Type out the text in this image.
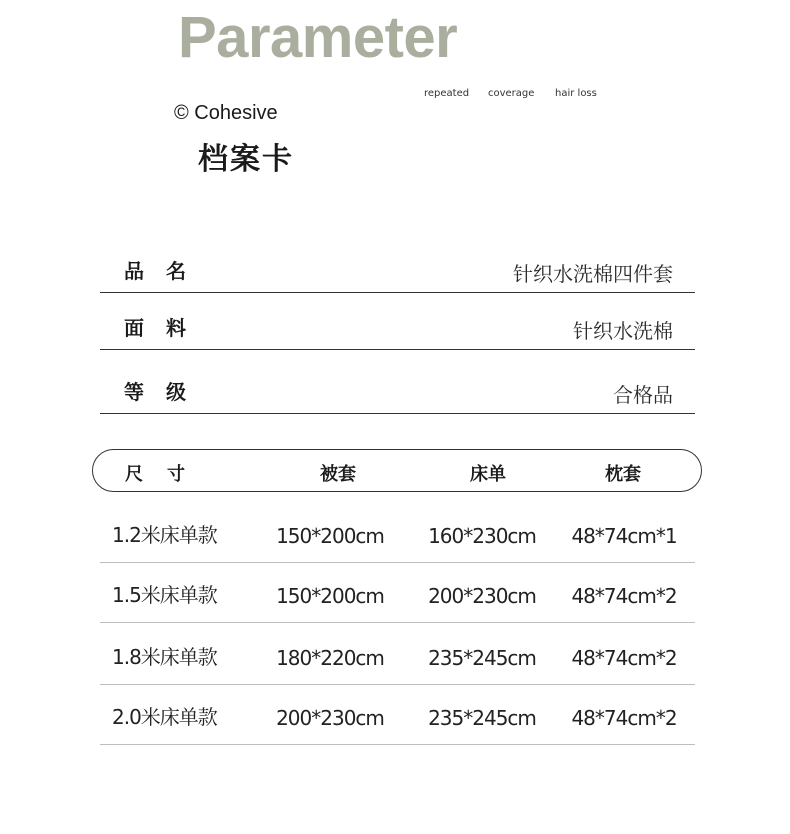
Parameter
repeated coverage hair loss
© Cohesive
档案卡
品名	针织水洗棉四件套
面料	针织水洗棉
等级	合格品
尺寸	被套	床单	枕套
1.2米床单款	150*200cm 160*230cm 48*74cm*1
1.5米床单款	150*200cm 200*230cm 48*74cm*2
1.8米床单款	180*220cm 235*245cm 48*74cm*2
2.0米床单款	200*230cm 235*245cm 48*74cm*2
